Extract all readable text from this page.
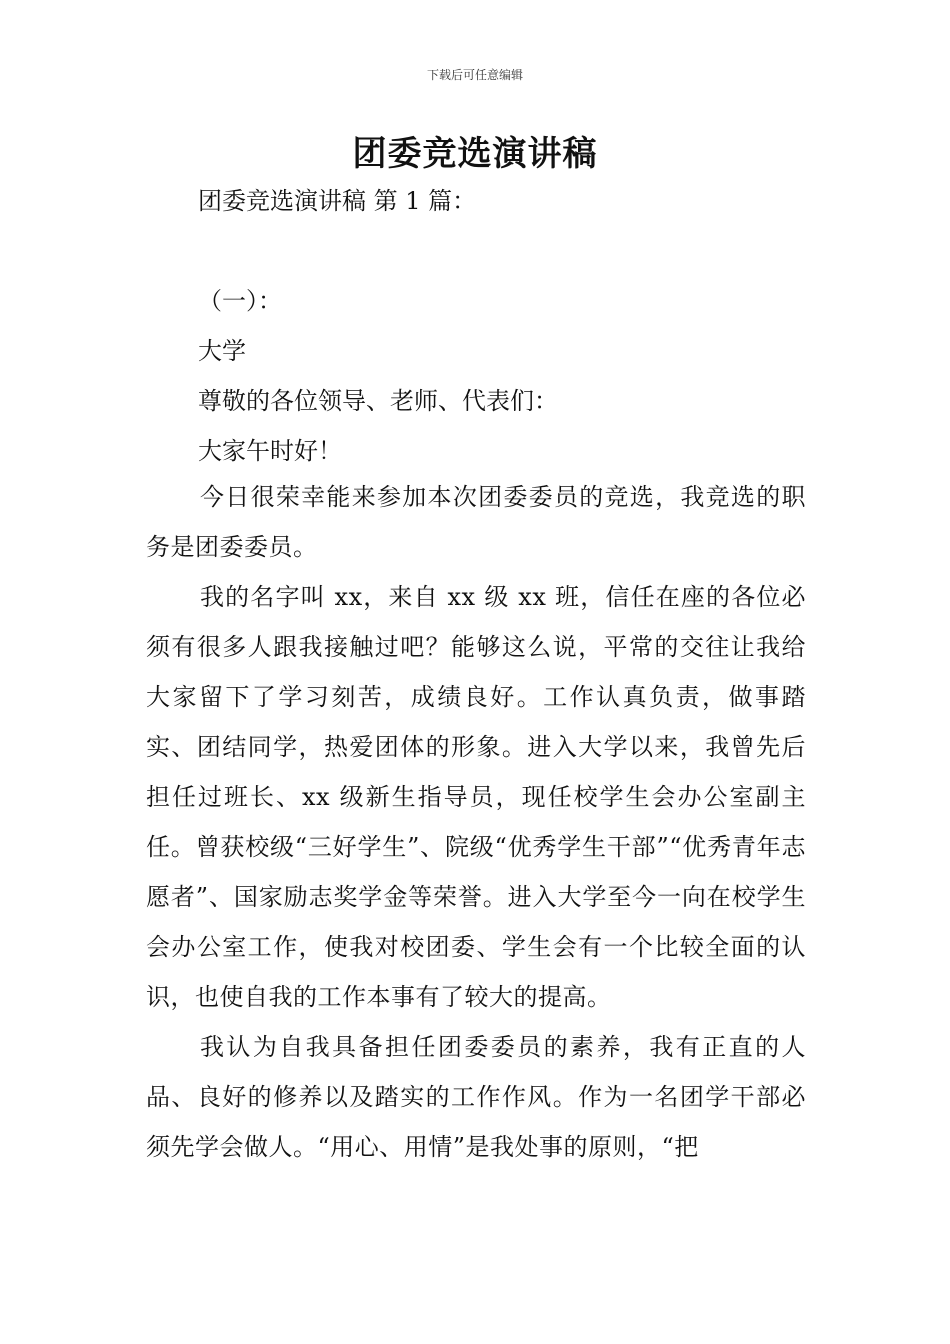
下载后可任意编辑
团委竞选演讲稿
团委竞选演讲稿 第 1 篇：
（一）：
大学
尊敬的各位领导、老师、代表们：
大家午时好！

今日很荣幸能来参加本次团委委员的竞选，我竞选的职务是团委委员。

我的名字叫 xx，来自 xx 级 xx 班，信任在座的各位必须有很多人跟我接触过吧？能够这么说，平常的交往让我给大家留下了学习刻苦，成绩良好。工作认真负责，做事踏实、团结同学，热爱团体的形象。进入大学以来，我曾先后担任过班长、xx 级新生指导员，现任校学生会办公室副主任。曾获校级“三好学生”、院级“优秀学生干部”“优秀青年志愿者”、国家励志奖学金等荣誉。进入大学至今一向在校学生会办公室工作，使我对校团委、学生会有一个比较全面的认识，也使自我的工作本事有了较大的提高。

我认为自我具备担任团委委员的素养，我有正直的人品、良好的修养以及踏实的工作作风。作为一名团学干部必须先学会做人。“用心、用情”是我处事的原则，“把
